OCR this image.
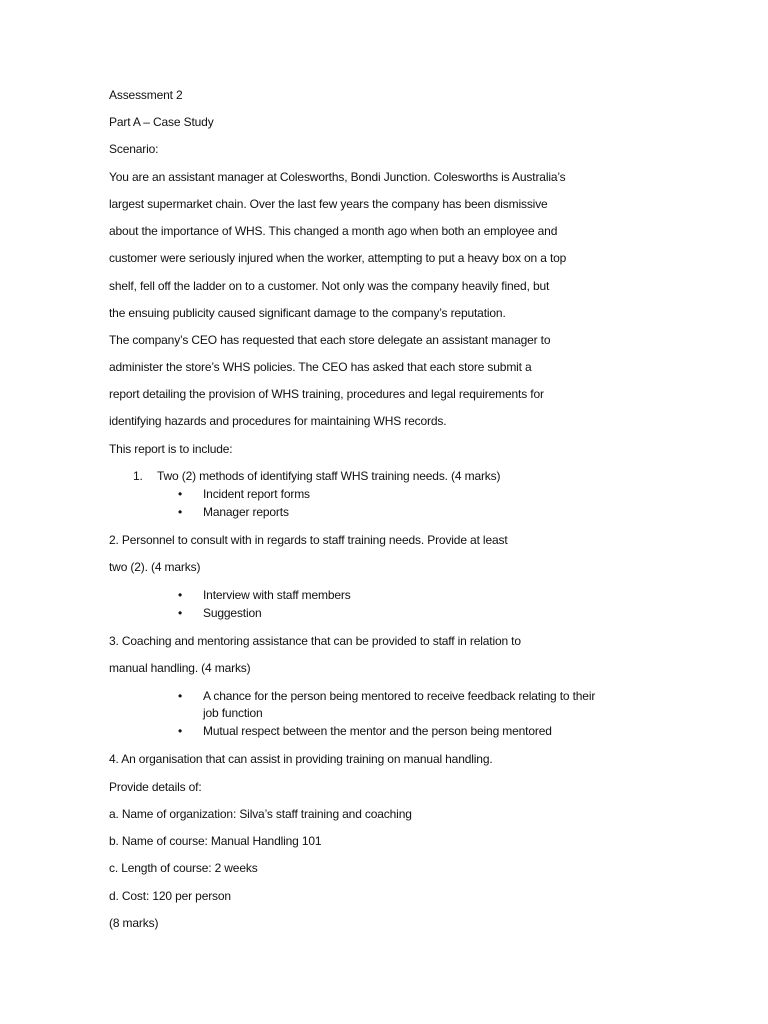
Assessment 2
Part A – Case Study
Scenario:
You are an assistant manager at Colesworths, Bondi Junction. Colesworths is Australia’s
largest supermarket chain. Over the last few years the company has been dismissive
about the importance of WHS. This changed a month ago when both an employee and
customer were seriously injured when the worker, attempting to put a heavy box on a top
shelf, fell off the ladder on to a customer. Not only was the company heavily fined, but
the ensuing publicity caused significant damage to the company’s reputation.
The company’s CEO has requested that each store delegate an assistant manager to
administer the store’s WHS policies. The CEO has asked that each store submit a
report detailing the provision of WHS training, procedures and legal requirements for
identifying hazards and procedures for maintaining WHS records.
This report is to include:
1. Two (2) methods of identifying staff WHS training needs. (4 marks)
• Incident report forms
• Manager reports
2. Personnel to consult with in regards to staff training needs. Provide at least
two (2). (4 marks)
• Interview with staff members
• Suggestion
3. Coaching and mentoring assistance that can be provided to staff in relation to
manual handling. (4 marks)
• A chance for the person being mentored to receive feedback relating to their
job function
• Mutual respect between the mentor and the person being mentored
4. An organisation that can assist in providing training on manual handling.
Provide details of:
a. Name of organization: Silva’s staff training and coaching
b. Name of course: Manual Handling 101
c. Length of course: 2 weeks
d. Cost: 120 per person
(8 marks)
